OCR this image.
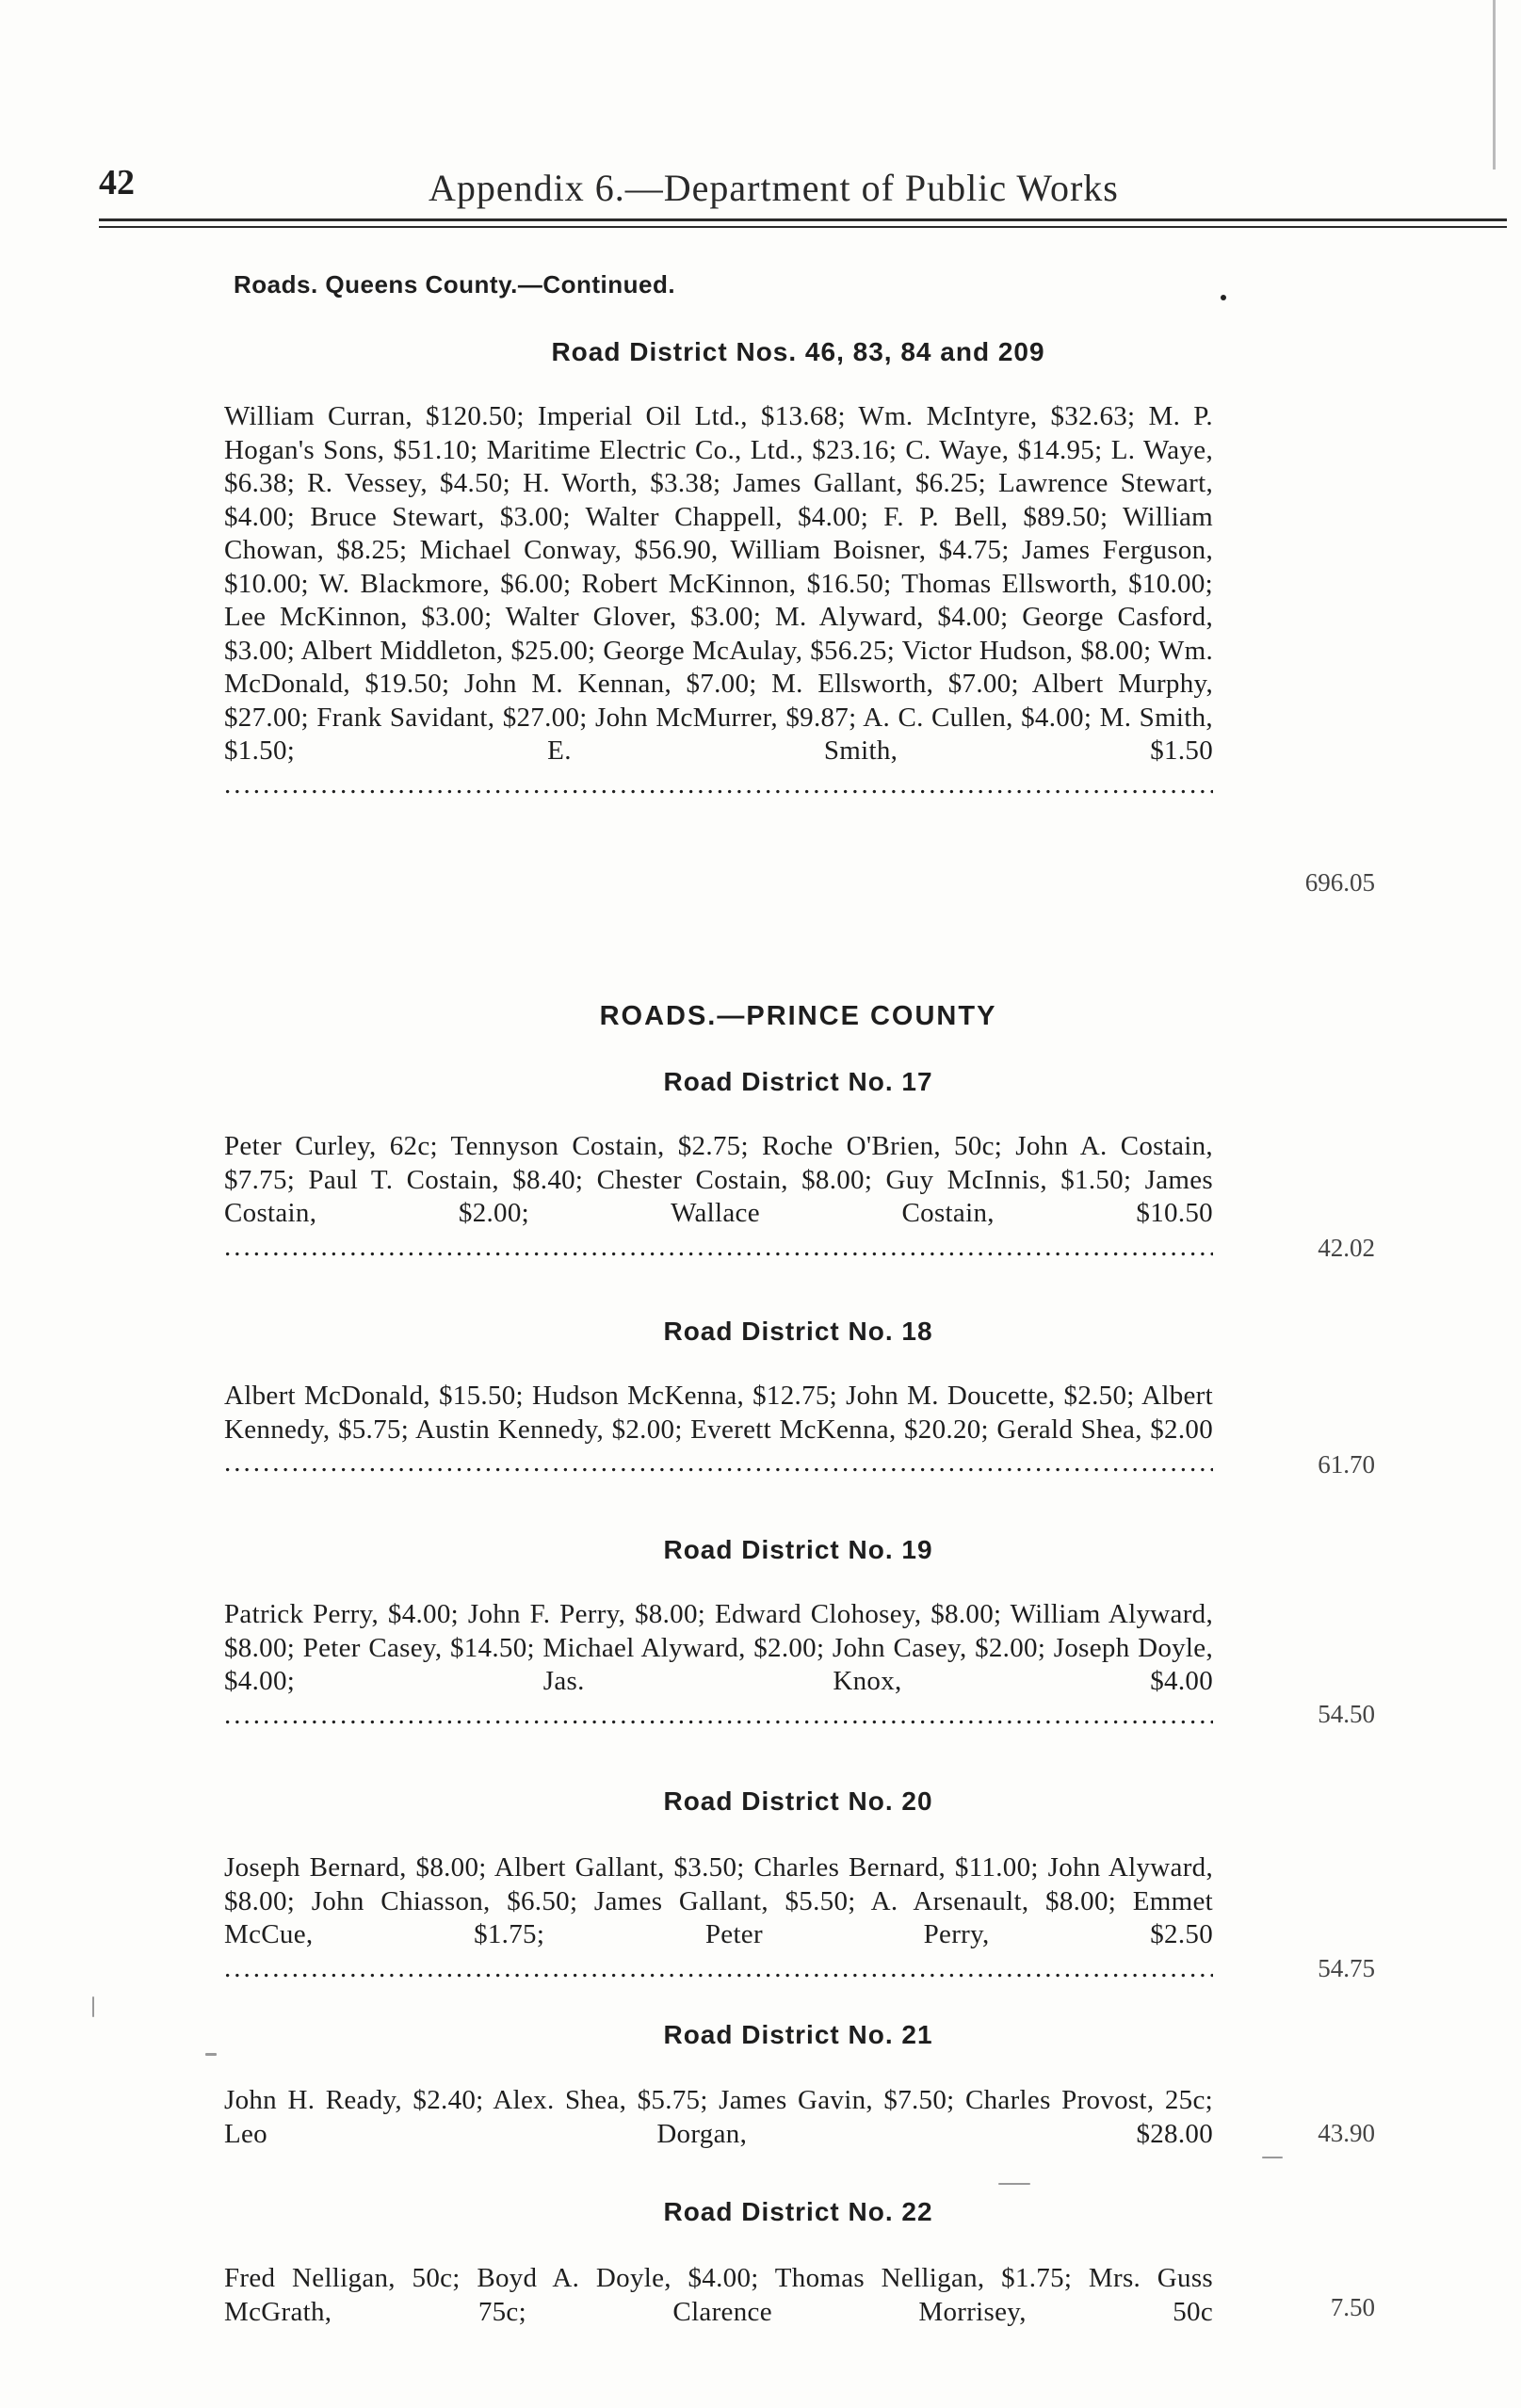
42	Appendix 6.—Department of Public Works
Roads. Queens County.—Continued.
Road District Nos. 46, 83, 84 and 209
William Curran, $120.50; Imperial Oil Ltd., $13.68; Wm. McIntyre, $32.63; M. P. Hogan's Sons, $51.10; Maritime Electric Co., Ltd., $23.16; C. Waye, $14.95; L. Waye, $6.38; R. Vessey, $4.50; H. Worth, $3.38; James Gallant, $6.25; Lawrence Stewart, $4.00; Bruce Stewart, $3.00; Walter Chappell, $4.00; F. P. Bell, $89.50; William Chowan, $8.25; Michael Conway, $56.90, William Boisner, $4.75; James Ferguson, $10.00; W. Blackmore, $6.00; Robert McKinnon, $16.50; Thomas Ellsworth, $10.00; Lee McKinnon, $3.00; Walter Glover, $3.00; M. Alyward, $4.00; George Casford, $3.00; Albert Middleton, $25.00; George McAulay, $56.25; Victor Hudson, $8.00; Wm. McDonald, $19.50; John M. Kennan, $7.00; M. Ellsworth, $7.00; Albert Murphy, $27.00; Frank Savidant, $27.00; John McMurrer, $9.87; A. C. Cullen, $4.00; M. Smith, $1.50; E. Smith, $1.50 .....
696.05
ROADS.—PRINCE COUNTY
Road District No. 17
Peter Curley, 62c; Tennyson Costain, $2.75; Roche O'Brien, 50c; John A. Costain, $7.75; Paul T. Costain, $8.40; Chester Costain, $8.00; Guy McInnis, $1.50; James Costain, $2.00; Wallace Costain, $10.50 .....
42.02
Road District No. 18
Albert McDonald, $15.50; Hudson McKenna, $12.75; John M. Doucette, $2.50; Albert Kennedy, $5.75; Austin Kennedy, $2.00; Everett McKenna, $20.20; Gerald Shea, $2.00 .....
61.70
Road District No. 19
Patrick Perry, $4.00; John F. Perry, $8.00; Edward Clohosey, $8.00; William Alyward, $8.00; Peter Casey, $14.50; Michael Alyward, $2.00; John Casey, $2.00; Joseph Doyle, $4.00; Jas. Knox, $4.00 .....
54.50
Road District No. 20
Joseph Bernard, $8.00; Albert Gallant, $3.50; Charles Bernard, $11.00; John Alyward, $8.00; John Chiasson, $6.50; James Gallant, $5.50; A. Arsenault, $8.00; Emmet McCue, $1.75; Peter Perry, $2.50 .....
54.75
Road District No. 21
John H. Ready, $2.40; Alex. Shea, $5.75; James Gavin, $7.50; Charles Provost, 25c; Leo Dorgan, $28.00 .....	43.90
Road District No. 22
Fred Nelligan, 50c; Boyd A. Doyle, $4.00; Thomas Nelligan, $1.75; Mrs. Guss McGrath, 75c; Clarence Morrisey, 50c .....	7.50
